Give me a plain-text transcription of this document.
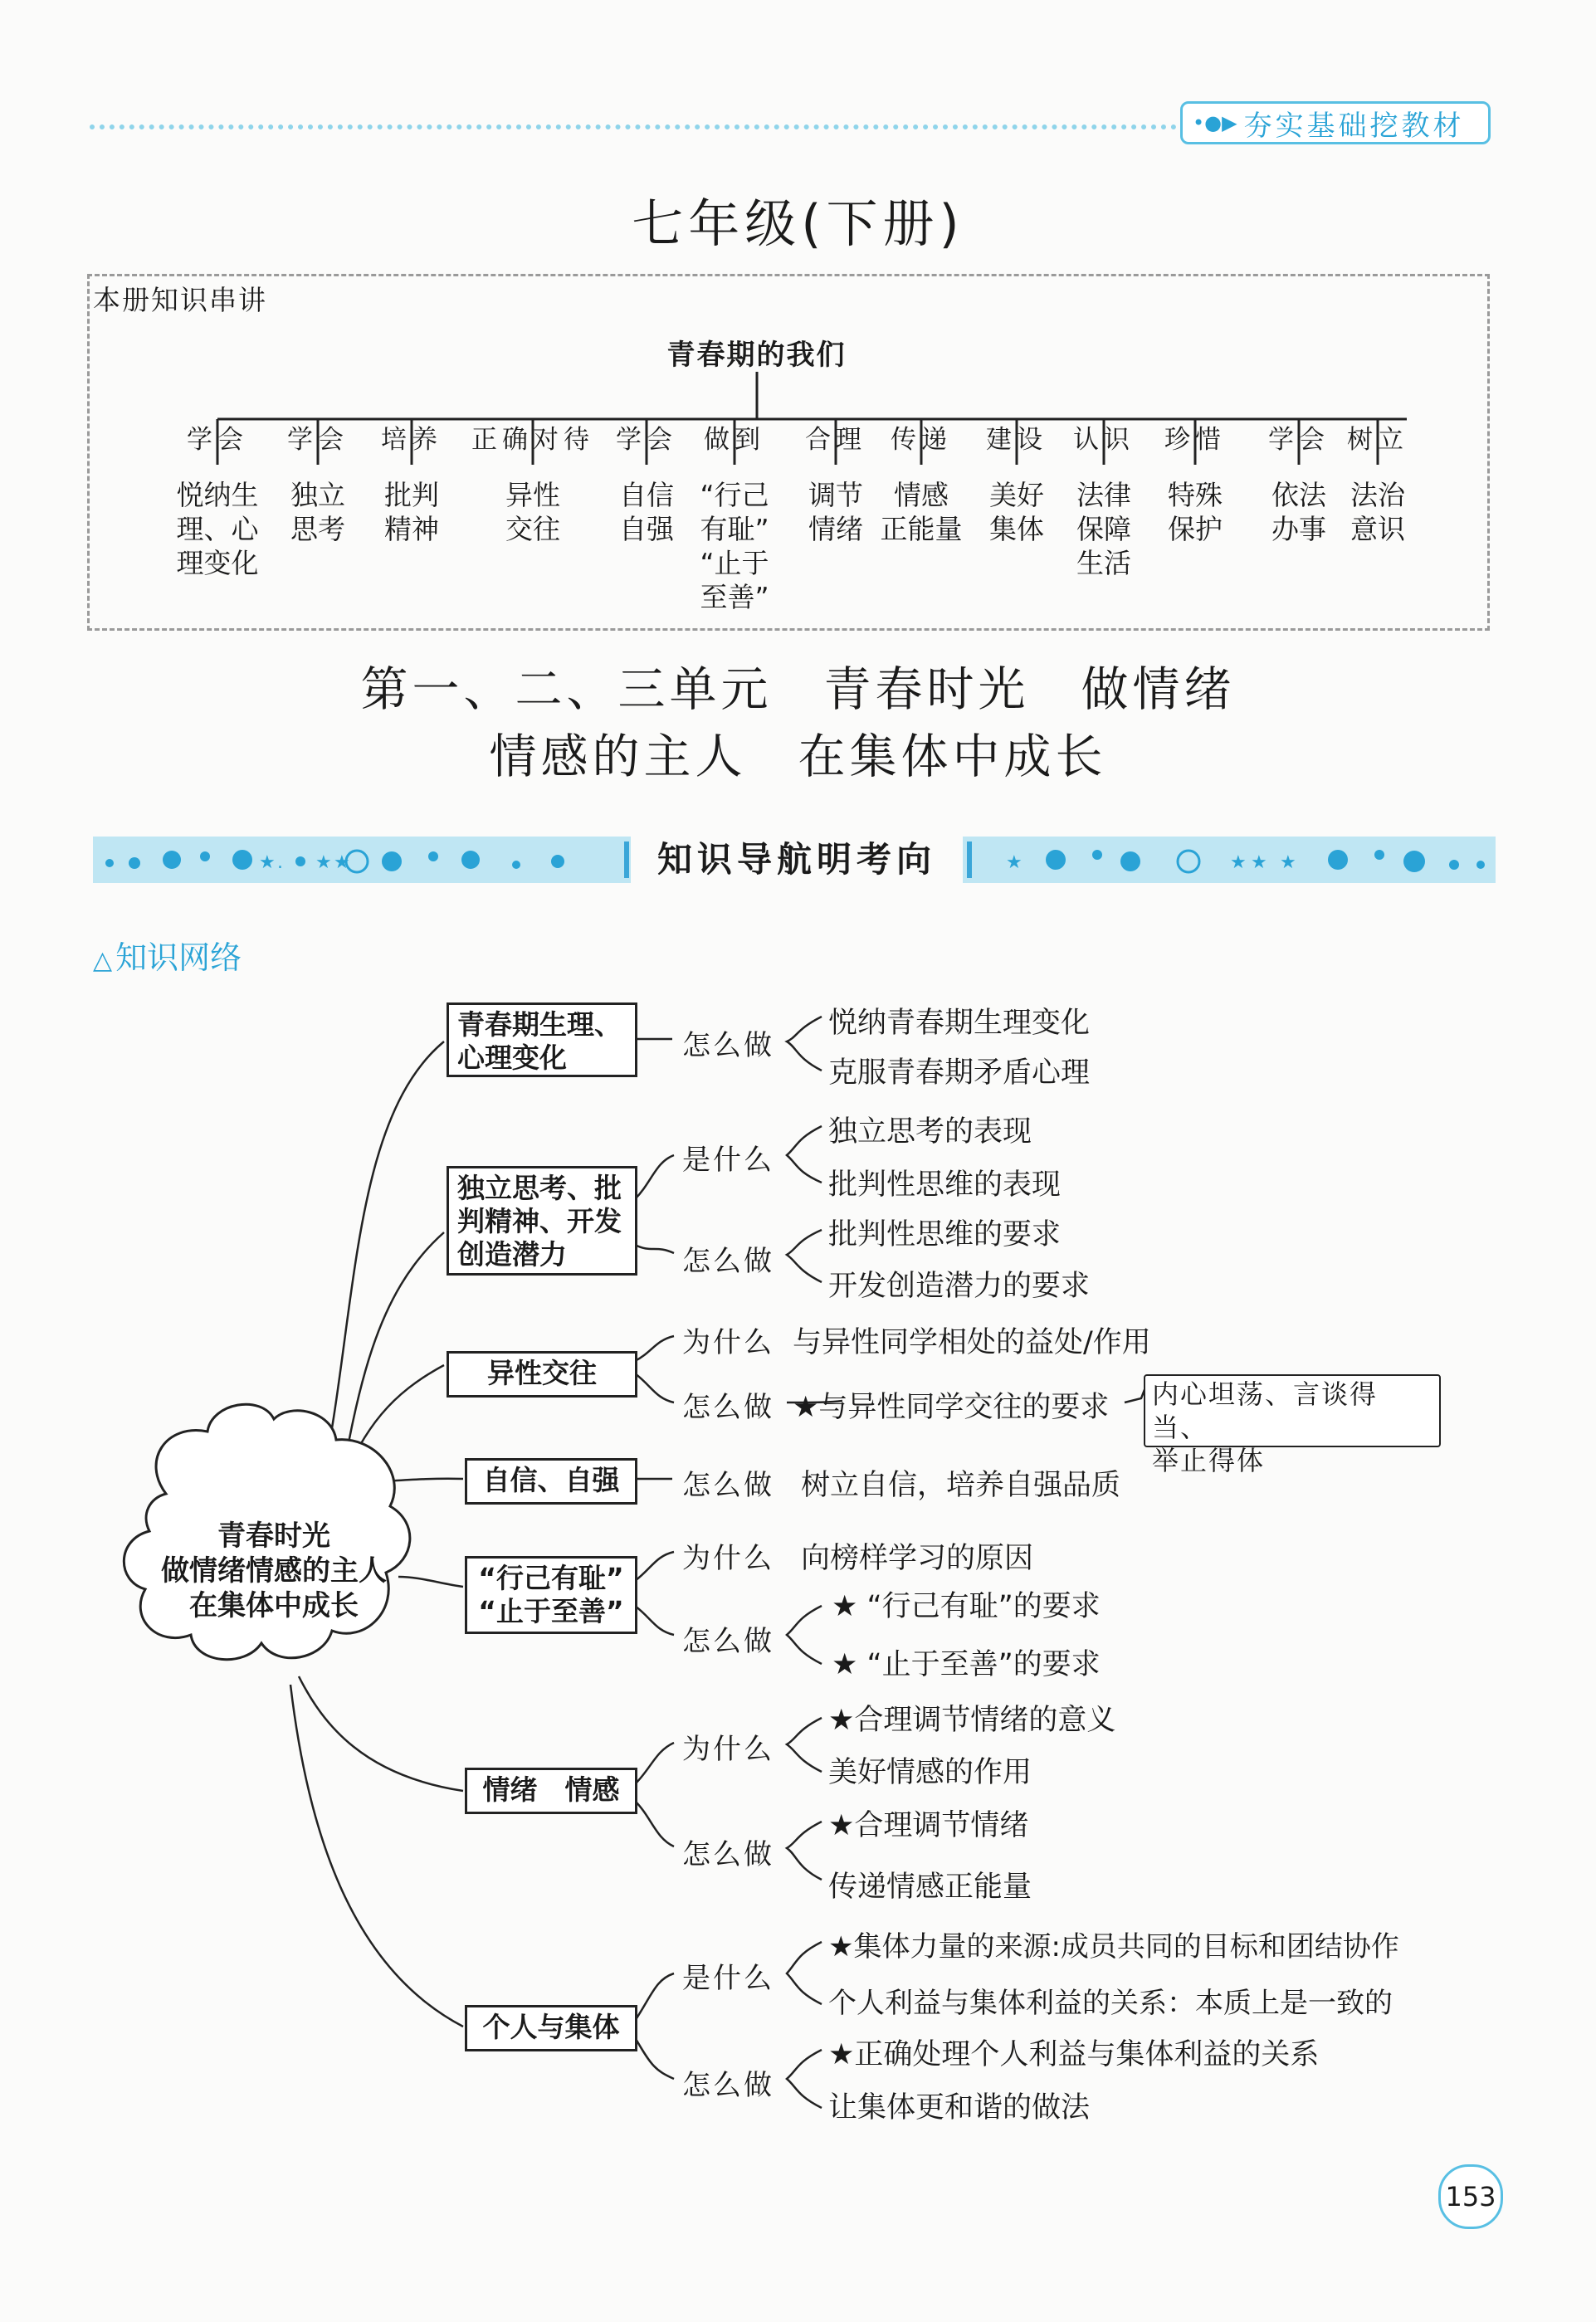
•●▶ 夯实基础挖教材
七年级(下册)
本册知识串讲
青春期的我们
学会
悦纳生
理、心
理变化
学会
独立
思考
培养
批判
精神
正确对待
异性
交往
学会
自信
自强
做到
“行己
有耻”
“止于
至善”
合理
调节
情绪
传递
情感
正能量
建设
美好
集体
认识
法律
保障
生活
珍惜
特殊
保护
学会
依法
办事
树立
法治
意识
第一、二、三单元　青春时光　做情绪
情感的主人　在集体中成长
★ . ★ ★	★	★ ★ ★
知识导航明考向
△ 知识网络
青春时光
做情绪情感的主人
在集体中成长
青春期生理、
心理变化
独立思考、批
判精神、开发
创造潜力
异性交往
自信、自强
“行己有耻”
“止于至善”
情绪　情感
个人与集体
怎么做
是什么
怎么做
为什么
怎么做
怎么做
为什么
怎么做
为什么
怎么做
是什么
怎么做
悦纳青春期生理变化
克服青春期矛盾心理
独立思考的表现
批判性思维的表现
批判性思维的要求
开发创造潜力的要求
与异性同学相处的益处/作用
★与异性同学交往的要求 内心坦荡、言谈得当、
举止得体
树立自信，培养自强品质
向榜样学习的原因
★ “行己有耻”的要求
★ “止于至善”的要求
★合理调节情绪的意义
美好情感的作用
★合理调节情绪
传递情感正能量
★集体力量的来源:成员共同的目标和团结协作
个人利益与集体利益的关系：本质上是一致的
★正确处理个人利益与集体利益的关系
让集体更和谐的做法
153
